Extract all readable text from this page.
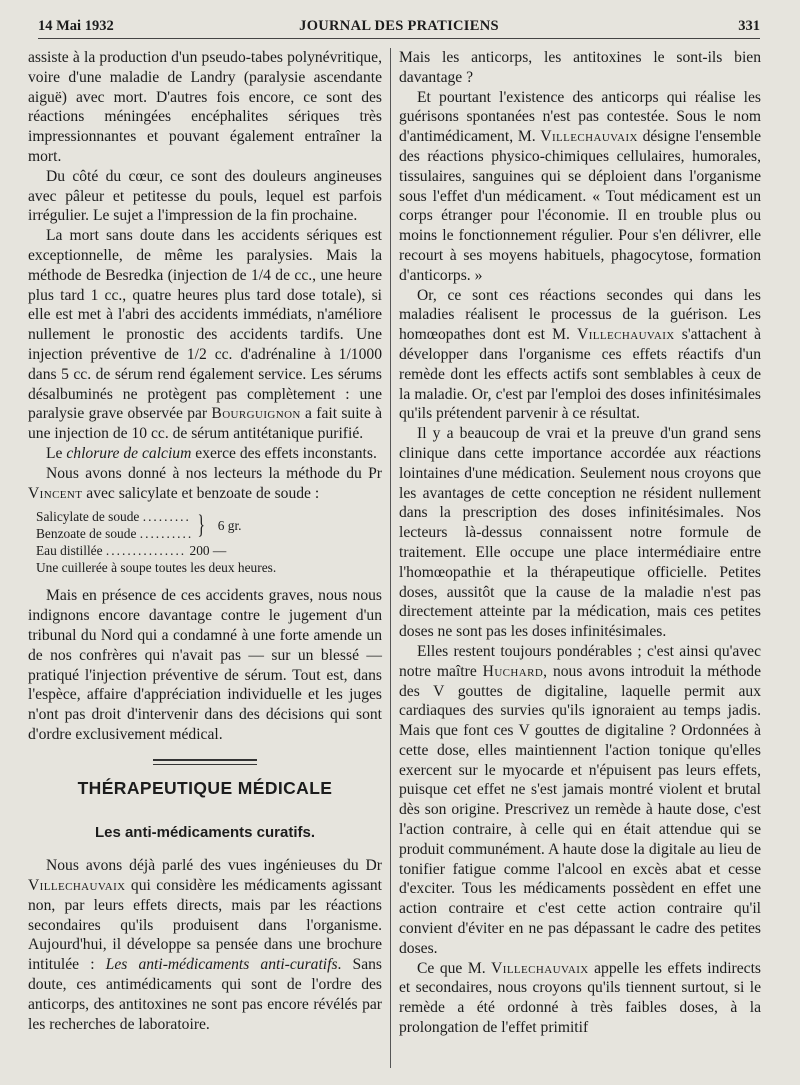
14 Mai 1932	JOURNAL DES PRATICIENS	331

assiste à la production d'un pseudo-tabes polynévritique, voire d'une maladie de Landry (paralysie ascendante aiguë) avec mort. D'autres fois encore, ce sont des réactions méningées encéphalites sériques très impressionnantes et pouvant également entraîner la mort.

Du côté du cœur, ce sont des douleurs angineuses avec pâleur et petitesse du pouls, lequel est parfois irrégulier. Le sujet a l'impression de la fin prochaine.

La mort sans doute dans les accidents sériques est exceptionnelle, de même les paralysies. Mais la méthode de Besredka (injection de 1/4 de cc., une heure plus tard 1 cc., quatre heures plus tard dose totale), si elle est met à l'abri des accidents immédiats, n'améliore nullement le pronostic des accidents tardifs. Une injection préventive de 1/2 cc. d'adrénaline à 1/1000 dans 5 cc. de sérum rend également service. Les sérums désalbuminés ne protègent pas complètement : une paralysie grave observée par Bourguignon a fait suite à une injection de 10 cc. de sérum antitétanique purifié.

Le chlorure de calcium exerce des effets inconstants.

Nous avons donné à nos lecteurs la méthode du Pr Vincent avec salicylate et benzoate de soude :

Salicylate de soude .........
Benzoate de soude .......... } 6 gr.
Eau distillée
...............
200 —
Une cuillerée à soupe toutes les deux heures.

Mais en présence de ces accidents graves, nous nous indignons encore davantage contre le jugement d'un tribunal du Nord qui a condamné à une forte amende un de nos confrères qui n'avait pas — sur un blessé — pratiqué l'injection préventive de sérum. Tout est, dans l'espèce, affaire d'appréciation individuelle et les juges n'ont pas droit d'intervenir dans des décisions qui sont d'ordre exclusivement médical.

THÉRAPEUTIQUE MÉDICALE
Les anti-médicaments curatifs.

Nous avons déjà parlé des vues ingénieuses du Dr Villechauvaix qui considère les médicaments agissant non, par leurs effets directs, mais par les réactions secondaires qu'ils produisent dans l'organisme. Aujourd'hui, il développe sa pensée dans une brochure intitulée : Les anti-médicaments anti-curatifs. Sans doute, ces antimédicaments qui sont de l'ordre des anticorps, des antitoxines ne sont pas encore révélés par les recherches de laboratoire.

Mais les anticorps, les antitoxines le sont-ils bien davantage ?

Et pourtant l'existence des anticorps qui réalise les guérisons spontanées n'est pas contestée. Sous le nom d'antimédicament, M. Villechauvaix désigne l'ensemble des réactions physico-chimiques cellulaires, humorales, tissulaires, sanguines qui se déploient dans l'organisme sous l'effet d'un médicament. « Tout médicament est un corps étranger pour l'économie. Il en trouble plus ou moins le fonctionnement régulier. Pour s'en délivrer, elle recourt à ses moyens habituels, phagocytose, formation d'anticorps. »

Or, ce sont ces réactions secondes qui dans les maladies réalisent le processus de la guérison. Les homœopathes dont est M. Villechauvaix s'attachent à développer dans l'organisme ces effets réactifs d'un remède dont les effects actifs sont semblables à ceux de la maladie. Or, c'est par l'emploi des doses infinitésimales qu'ils prétendent parvenir à ce résultat.

Il y a beaucoup de vrai et la preuve d'un grand sens clinique dans cette importance accordée aux réactions lointaines d'une médication. Seulement nous croyons que les avantages de cette conception ne résident nullement dans la prescription des doses infinitésimales. Nos lecteurs là-dessus connaissent notre formule de traitement. Elle occupe une place intermédiaire entre l'homœopathie et la thérapeutique officielle. Petites doses, aussitôt que la cause de la maladie n'est pas directement atteinte par la médication, mais ces petites doses ne sont pas les doses infinitésimales.

Elles restent toujours pondérables ; c'est ainsi qu'avec notre maître Huchard, nous avons introduit la méthode des V gouttes de digitaline, laquelle permit aux cardiaques des survies qu'ils ignoraient au temps jadis. Mais que font ces V gouttes de digitaline ? Ordonnées à cette dose, elles maintiennent l'action tonique qu'elles exercent sur le myocarde et n'épuisent pas leurs effets, puisque cet effet ne s'est jamais montré violent et brutal dès son origine. Prescrivez un remède à haute dose, c'est l'action contraire, à celle qui en était attendue qui se produit communément. A haute dose la digitale au lieu de tonifier fatigue comme l'alcool en excès abat et cesse d'exciter. Tous les médicaments possèdent en effet une action contraire et c'est cette action contraire qu'il convient d'éviter en ne pas dépassant le cadre des petites doses.

Ce que M. Villechauvaix appelle les effets indirects et secondaires, nous croyons qu'ils tiennent surtout, si le remède a été ordonné à très faibles doses, à la prolongation de l'effet primitif
